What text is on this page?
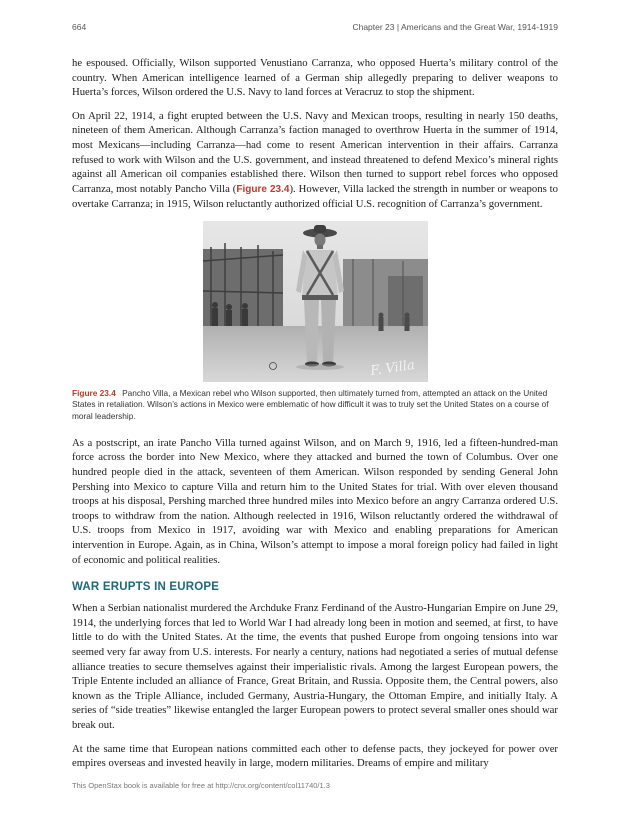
664	Chapter 23 | Americans and the Great War, 1914-1919

he espoused. Officially, Wilson supported Venustiano Carranza, who opposed Huerta’s military control of the country. When American intelligence learned of a German ship allegedly preparing to deliver weapons to Huerta’s forces, Wilson ordered the U.S. Navy to land forces at Veracruz to stop the shipment.

On April 22, 1914, a fight erupted between the U.S. Navy and Mexican troops, resulting in nearly 150 deaths, nineteen of them American. Although Carranza’s faction managed to overthrow Huerta in the summer of 1914, most Mexicans—including Carranza—had come to resent American intervention in their affairs. Carranza refused to work with Wilson and the U.S. government, and instead threatened to defend Mexico’s mineral rights against all American oil companies established there. Wilson then turned to support rebel forces who opposed Carranza, most notably Pancho Villa (Figure 23.4). However, Villa lacked the strength in number or weapons to overtake Carranza; in 1915, Wilson reluctantly authorized official U.S. recognition of Carranza’s government.

F. Villa
Figure 23.4 Pancho Villa, a Mexican rebel who Wilson supported, then ultimately turned from, attempted an attack on the United States in retaliation. Wilson’s actions in Mexico were emblematic of how difficult it was to truly set the United States on a course of moral leadership.

As a postscript, an irate Pancho Villa turned against Wilson, and on March 9, 1916, led a fifteen-hundred-man force across the border into New Mexico, where they attacked and burned the town of Columbus. Over one hundred people died in the attack, seventeen of them American. Wilson responded by sending General John Pershing into Mexico to capture Villa and return him to the United States for trial. With over eleven thousand troops at his disposal, Pershing marched three hundred miles into Mexico before an angry Carranza ordered U.S. troops to withdraw from the nation. Although reelected in 1916, Wilson reluctantly ordered the withdrawal of U.S. troops from Mexico in 1917, avoiding war with Mexico and enabling preparations for American intervention in Europe. Again, as in China, Wilson’s attempt to impose a moral foreign policy had failed in light of economic and political realities.

WAR ERUPTS IN EUROPE

When a Serbian nationalist murdered the Archduke Franz Ferdinand of the Austro-Hungarian Empire on June 29, 1914, the underlying forces that led to World War I had already long been in motion and seemed, at first, to have little to do with the United States. At the time, the events that pushed Europe from ongoing tensions into war seemed very far away from U.S. interests. For nearly a century, nations had negotiated a series of mutual defense alliance treaties to secure themselves against their imperialistic rivals. Among the largest European powers, the Triple Entente included an alliance of France, Great Britain, and Russia. Opposite them, the Central powers, also known as the Triple Alliance, included Germany, Austria-Hungary, the Ottoman Empire, and initially Italy. A series of “side treaties” likewise entangled the larger European powers to protect several smaller ones should war break out.

At the same time that European nations committed each other to defense pacts, they jockeyed for power over empires overseas and invested heavily in large, modern militaries. Dreams of empire and military

This OpenStax book is available for free at http://cnx.org/content/col11740/1.3
